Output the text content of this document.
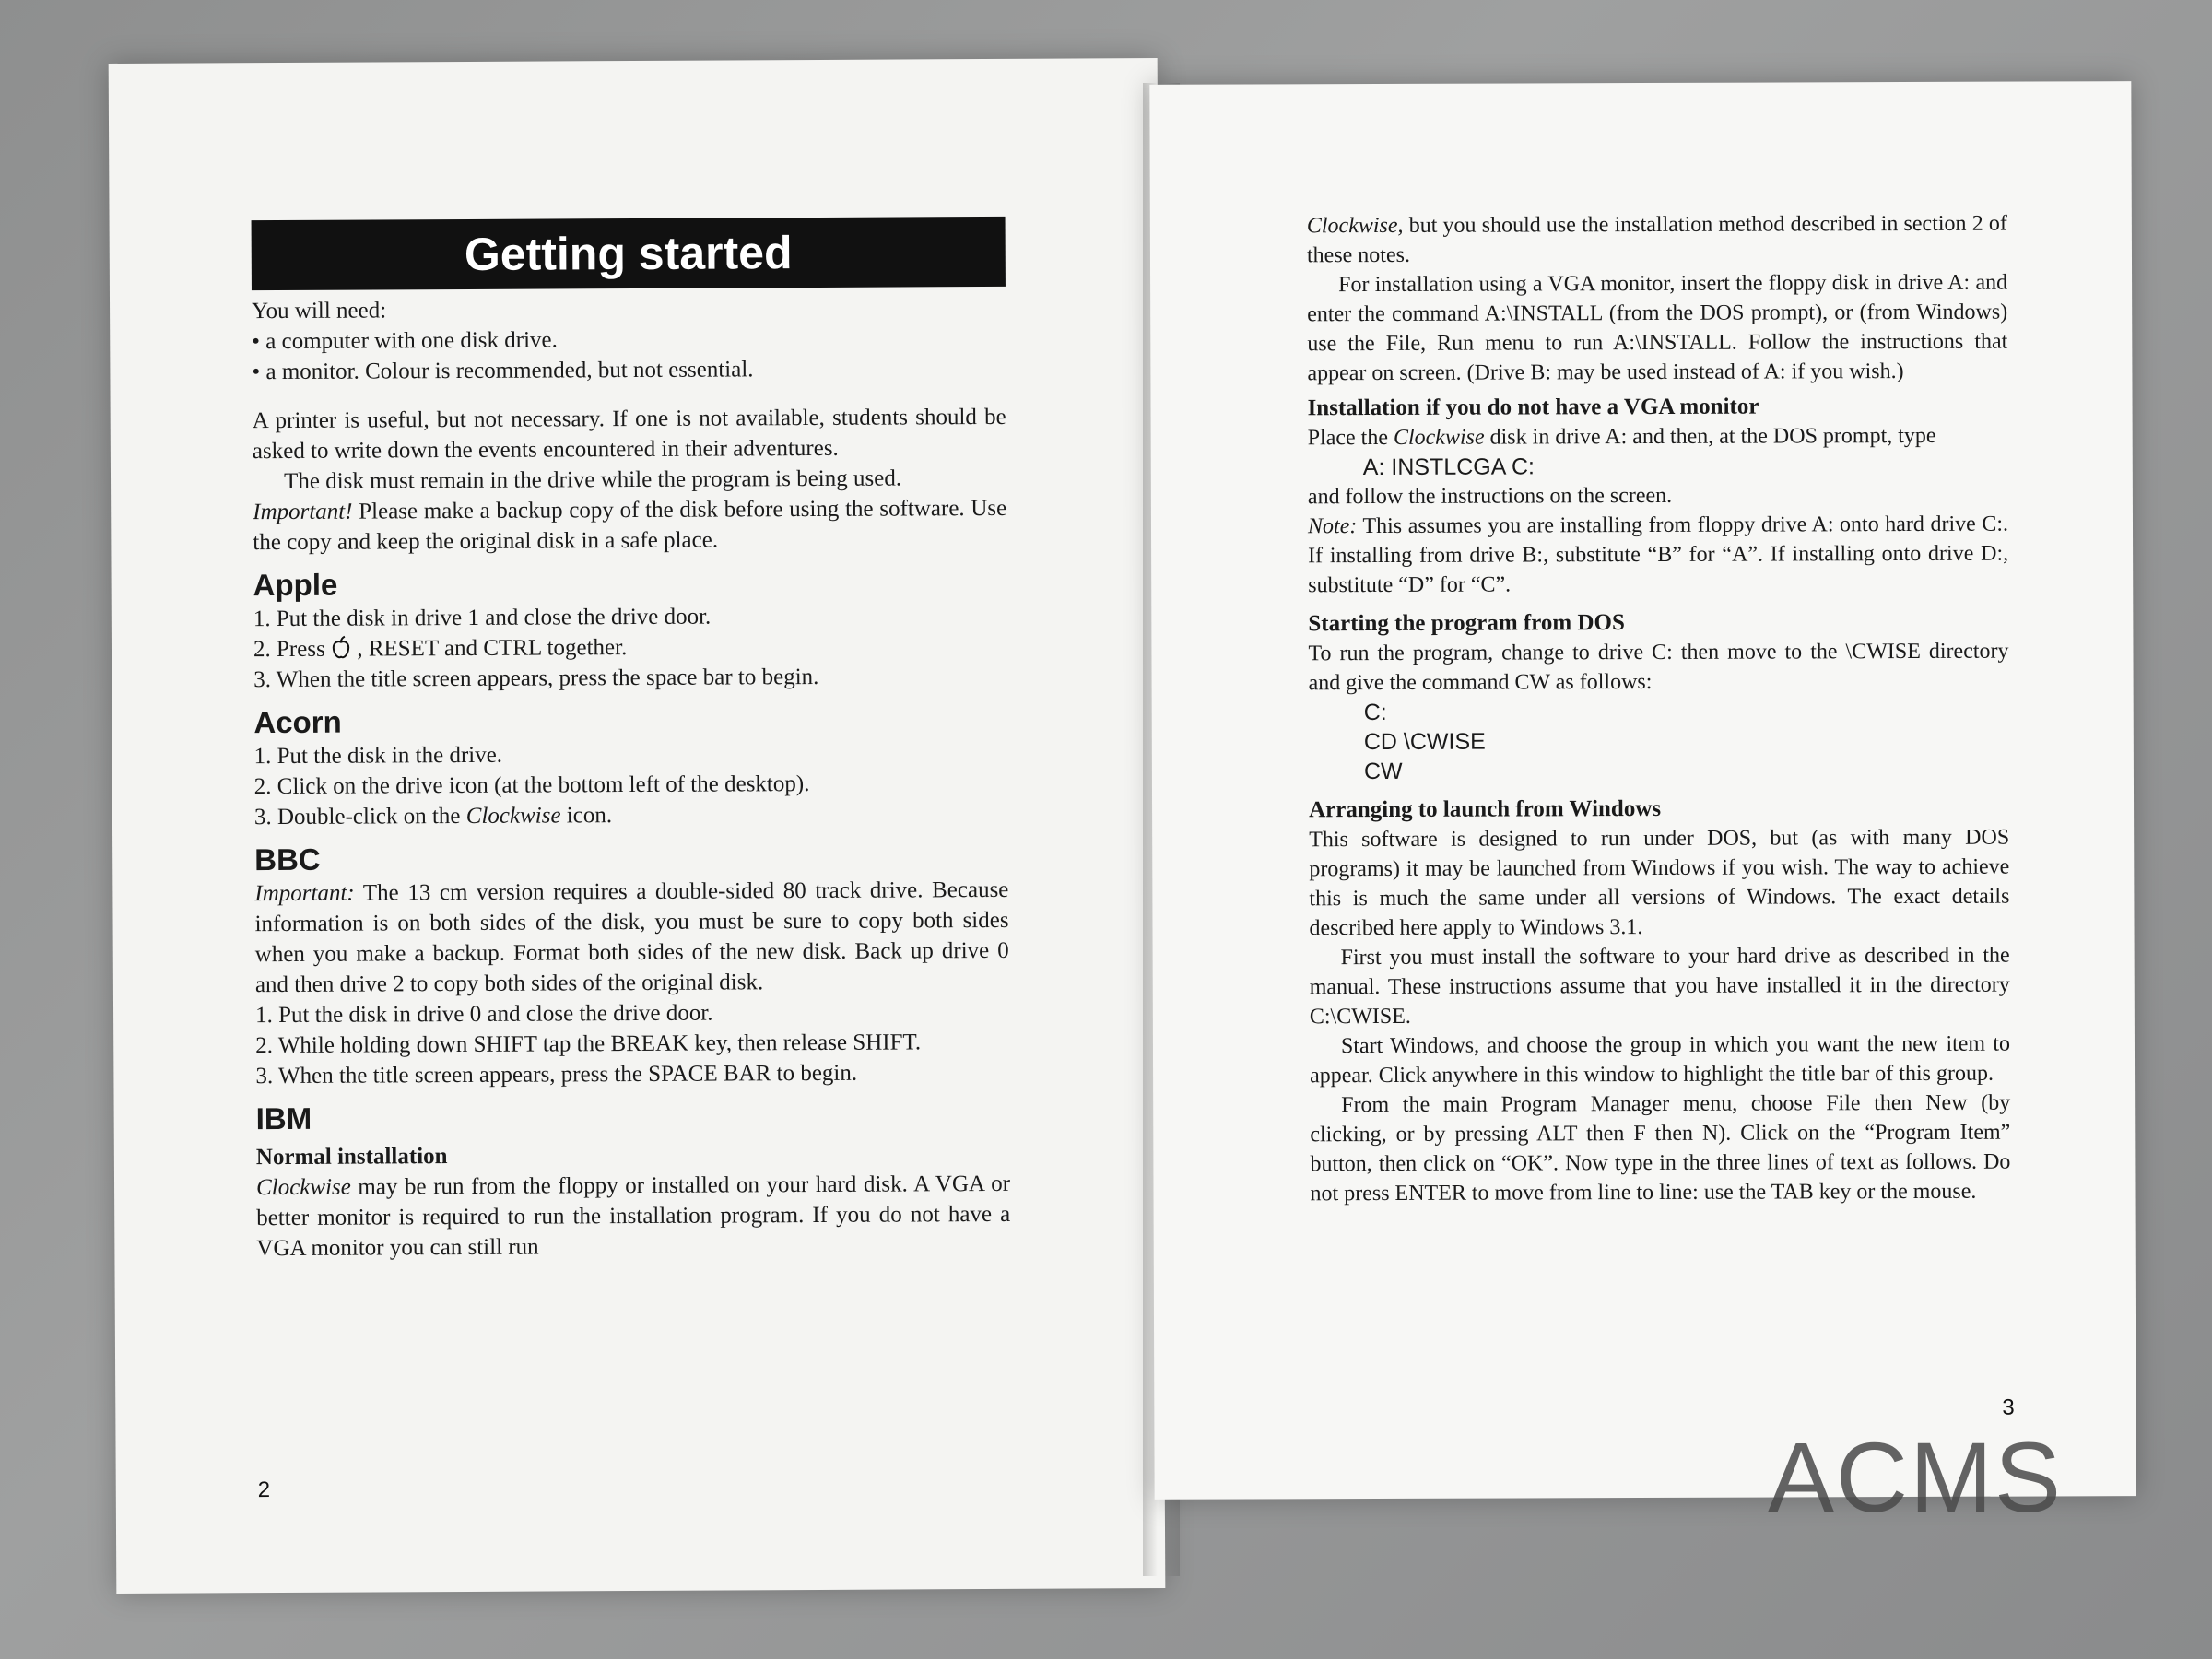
Getting started

You will need:

• a computer with one disk drive.

• a monitor. Colour is recommended, but not essential.

A printer is useful, but not necessary. If one is not available, students should be asked to write down the events encountered in their adventures.

The disk must remain in the drive while the program is being used.

Important! Please make a backup copy of the disk before using the software. Use the copy and keep the original disk in a safe place.

Apple

1. Put the disk in drive 1 and close the drive door.

2. Press  , RESET and CTRL together.

3. When the title screen appears, press the space bar to begin.

Acorn

1. Put the disk in the drive.

2. Click on the drive icon (at the bottom left of the desktop).

3. Double-click on the Clockwise icon.

BBC

Important: The 13 cm version requires a double-sided 80 track drive. Because information is on both sides of the disk, you must be sure to copy both sides when you make a backup. Format both sides of the new disk. Back up drive 0 and then drive 2 to copy both sides of the original disk.

1. Put the disk in drive 0 and close the drive door.

2. While holding down SHIFT tap the BREAK key, then release SHIFT.

3. When the title screen appears, press the SPACE BAR to begin.

IBM
Normal installation

Clockwise may be run from the floppy or installed on your hard disk. A VGA or better monitor is required to run the installation program. If you do not have a VGA monitor you can still run

2

Clockwise, but you should use the installation method described in section 2 of these notes.

For installation using a VGA monitor, insert the floppy disk in drive A: and enter the command A:\INSTALL (from the DOS prompt), or (from Windows) use the File, Run menu to run A:\INSTALL. Follow the instructions that appear on screen. (Drive B: may be used instead of A: if you wish.)

Installation if you do not have a VGA monitor

Place the Clockwise disk in drive A: and then, at the DOS prompt, type

A: INSTLCGA C:

and follow the instructions on the screen.

Note: This assumes you are installing from floppy drive A: onto hard drive C:. If installing from drive B:, substitute “B” for “A”. If installing onto drive D:, substitute “D” for “C”.

Starting the program from DOS

To run the program, change to drive C: then move to the \CWISE directory and give the command CW as follows:

C:
CD \CWISE
CW
Arranging to launch from Windows

This software is designed to run under DOS, but (as with many DOS programs) it may be launched from Windows if you wish. The way to achieve this is much the same under all versions of Windows. The exact details described here apply to Windows 3.1.

First you must install the software to your hard drive as described in the manual. These instructions assume that you have installed it in the directory C:\CWISE.

Start Windows, and choose the group in which you want the new item to appear. Click anywhere in this window to highlight the title bar of this group.

From the main Program Manager menu, choose File then New (by clicking, or by pressing ALT then F then N). Click on the “Program Item” button, then click on “OK”. Now type in the three lines of text as follows. Do not press ENTER to move from line to line: use the TAB key or the mouse.

3
ACMS
